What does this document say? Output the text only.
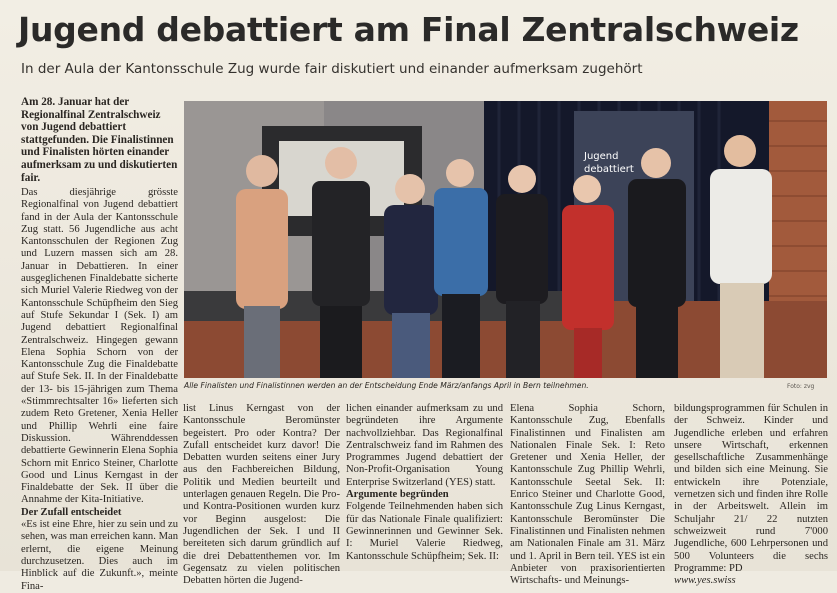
Jugend debattiert am Final Zentralschweiz
In der Aula der Kantonsschule Zug wurde fair diskutiert und einander aufmerksam zugehört

Am 28. Januar hat der Regionalfinal Zentralschweiz von Jugend debattiert stattgefunden. Die Finalistinnen und Finalisten hörten einander aufmerksam zu und diskutierten fair.

Das diesjährige grösste Regionalfinal von Jugend debattiert fand in der Aula der Kantonsschule Zug statt. 56 Jugendliche aus acht Kantonsschulen der Regionen Zug und Luzern massen sich am 28. Januar in Debattieren. In einer ausgeglichenen Finaldebatte sicherte sich Muriel Valerie Riedweg von der Kantonsschule Schüpfheim den Sieg auf Stufe Sekundar I (Sek. I) am Jugend debattiert Regionalfinal Zentralschweiz. Hingegen gewann Elena Sophia Schorn von der Kantonsschule Zug die Finaldebatte auf Stufe Sek. II. In der Finaldebatte der 13- bis 15-jährigen zum Thema «Stimmrechtsalter 16» lieferten sich zudem Reto Gretener, Xenia Heller und Phillip Wehrli eine faire Diskussion. Währenddessen debattierte Gewinnerin Elena Sophia Schorn mit Enrico Steiner, Charlotte Good und Linus Kerngast in der Finaldebatte der Sek. II über die Annahme der Kita-Initiative.

Der Zufall entscheidet

«Es ist eine Ehre, hier zu sein und zu sehen, was man erreichen kann. Man erlernt, die eigene Meinung durchzusetzen. Dies auch im Hinblick auf die Zukunft.», meinte Fina-

Jugend
debattiert
Alle Finalisten und Finalistinnen werden an der Entscheidung Ende März/anfangs April in Bern teilnehmen.	Foto: zvg

list Linus Kerngast von der Kantonsschule Beromünster begeistert. Pro oder Kontra? Der Zufall entscheidet kurz davor! Die Debatten wurden seitens einer Jury aus den Fachbereichen Bildung, Politik und Medien beurteilt und unterlagen genauen Regeln. Die Pro- und Kontra-Positionen wurden kurz vor Beginn ausgelost: Die Jugendlichen der Sek. I und II bereiteten sich darum gründlich auf die drei Debattenthemen vor. Im Gegensatz zu vielen politischen Debatten hörten die Jugend-

lichen einander aufmerksam zu und begründeten ihre Argumente nachvollziehbar. Das Regionalfinal Zentralschweiz fand im Rahmen des Programmes Jugend debattiert der Non-Profit-Organisation Young Enterprise Switzerland (YES) statt.

Argumente begründen

Folgende Teilnehmenden haben sich für das Nationale Finale qualifiziert: Gewinnerinnen und Gewinner Sek. I: Muriel Valerie Riedweg, Kantonsschule Schüpfheim; Sek. II:

Elena Sophia Schorn, Kantonsschule Zug, Ebenfalls Finalistinnen und Finalisten am Nationalen Finale Sek. I: Reto Gretener und Xenia Heller, der Kantonsschule Zug Phillip Wehrli, Kantonsschule Seetal Sek. II: Enrico Steiner und Charlotte Good, Kantonsschule Zug Linus Kerngast, Kantonsschule Beromünster Die Finalistinnen und Finalisten nehmen am Nationalen Finale am 31. März und 1. April in Bern teil. YES ist ein Anbieter von praxisorientierten Wirtschafts- und Meinungs-

bildungsprogrammen für Schulen in der Schweiz. Kinder und Jugendliche erleben und erfahren unsere Wirtschaft, erkennen gesellschaftliche Zusammenhänge und bilden sich eine Meinung. Sie entwickeln ihre Potenziale, vernetzen sich und finden ihre Rolle in der Arbeitswelt. Allein im Schuljahr 21/ 22 nutzten schweizweit rund 7'000 Jugendliche, 600 Lehrpersonen und 500 Volunteers die sechs Programme: PD

www.yes.swiss
